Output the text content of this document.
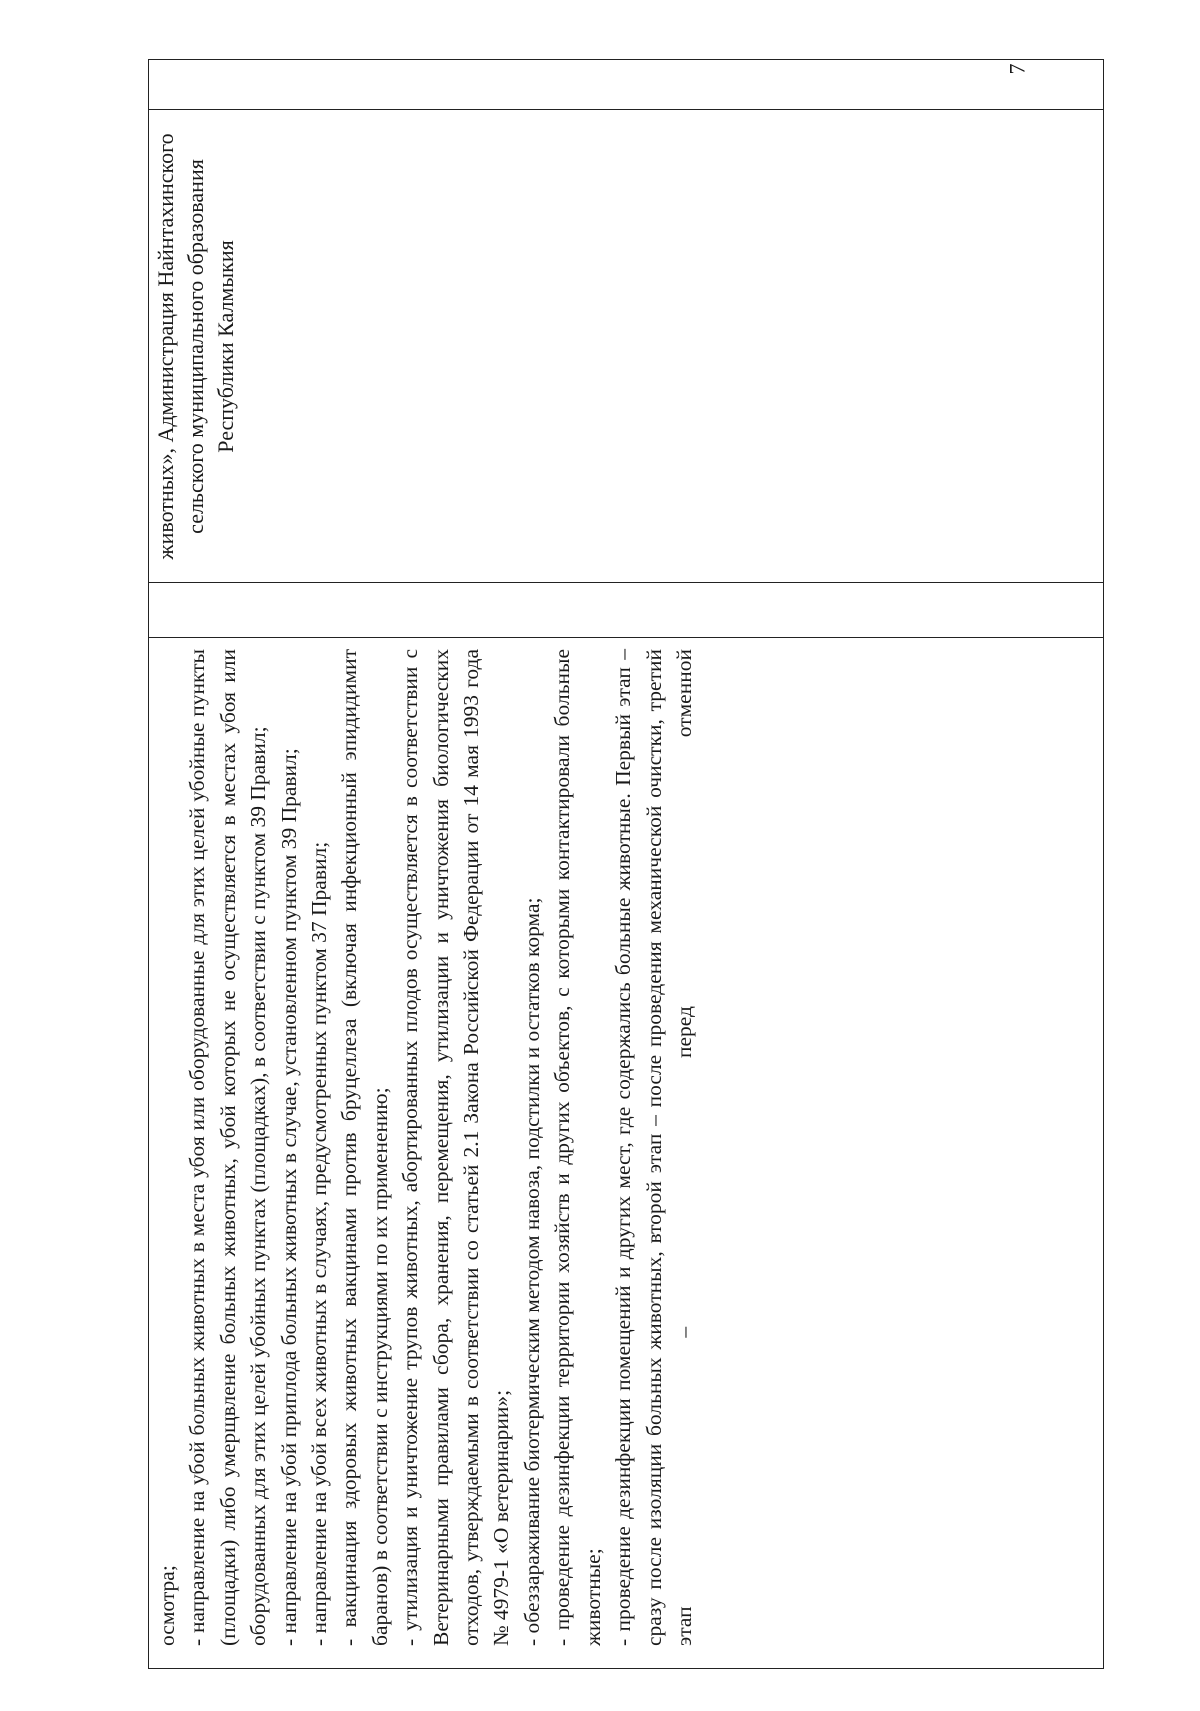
осмотра; - направление на убой больных животных в места убоя или оборудованные для этих целей убойные пункты (площадки) либо умерщвление больных животных, убой которых не осуществляется в местах убоя или оборудованных для этих целей убойных пунктах (площадках), в соответствии с пунктом 39 Правил; - направление на убой приплода больных животных в случае, установленном пунктом 39 Правил; - направление на убой всех животных в случаях, предусмотренных пунктом 37 Правил; - вакцинация здоровых животных вакцинами против бруцеллеза (включая инфекционный эпидидимит баранов) в соответствии с инструкциями по их применению; - утилизация и уничтожение трупов животных, абортированных плодов осуществляется в соответствии с Ветеринарными правилами сбора, хранения, перемещения, утилизации и уничтожения биологических отходов, утверждаемыми в соответствии со статьей 2.1 Закона Российской Федерации от 14 мая 1993 года № 4979-1 «О ветеринарии»; - обеззараживание биотермическим методом навоза, подстилки и остатков корма; - проведение дезинфекции территории хозяйств и других объектов, с которыми контактировали больные животные; - проведение дезинфекции помещений и других мест, где содержались больные животные. Первый этап – сразу после изоляции больных животных, второй этап – после проведения механической очистки, третий этап – перед отменной

животных», Администрация Найнтахинского сельского муниципального образования Республики Калмыкия
7
